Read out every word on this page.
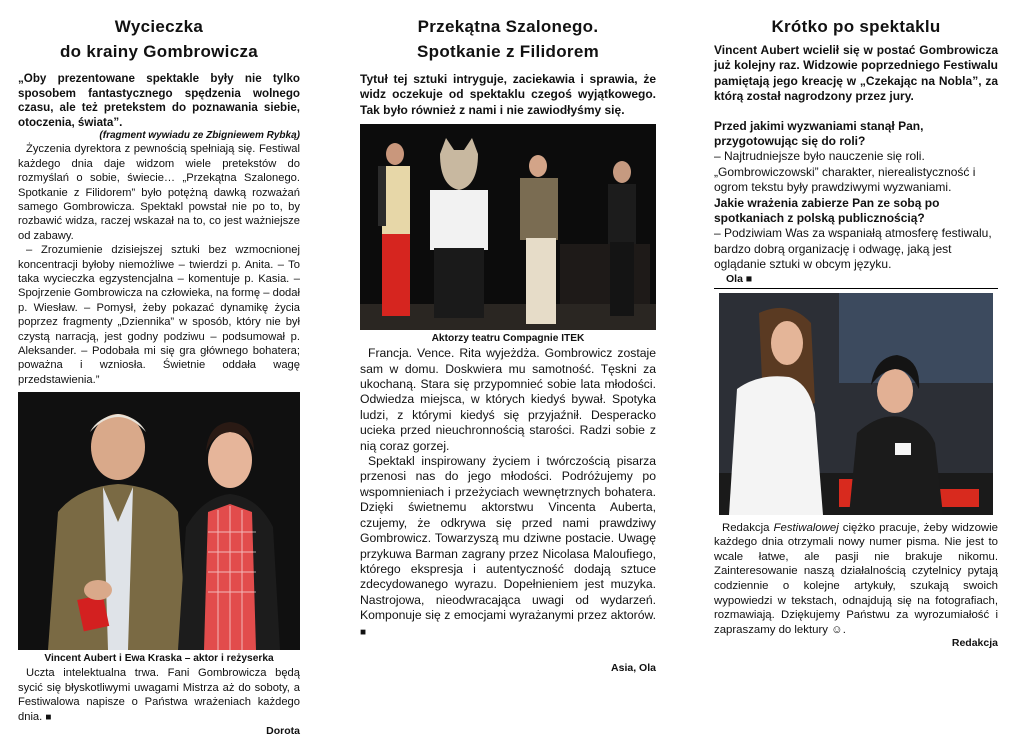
Wycieczka
do krainy Gombrowicza

„Oby prezentowane spektakle były nie tylko sposobem fantastycznego spędzenia wolnego czasu, ale też pretekstem do poznawania siebie, otoczenia, świata”.

(fragment wywiadu ze Zbigniewem Rybką)

Życzenia dyrektora z pewnością spełniają się. Festiwal każdego dnia daje widzom wiele pretekstów do rozmyślań o sobie, świecie… „Przekątna Szalonego. Spotkanie z Filidorem” było potężną dawką rozważań samego Gombrowicza. Spektakl powstał nie po to, by rozbawić widza, raczej wskazał na to, co jest ważniejsze od zabawy.

– Zrozumienie dzisiejszej sztuki bez wzmocnionej koncentracji byłoby niemożliwe – twierdzi p. Anita. – To taka wycieczka egzystencjalna – komentuje p. Kasia. – Spojrzenie Gombrowicza na człowieka, na formę – dodał p. Wiesław. – Pomysł, żeby pokazać dynamikę życia poprzez fragmenty „Dziennika” w sposób, który nie był czystą narracją, jest godny podziwu – podsumował p. Aleksander. – Podobała mi się gra głównego bohatera; poważna i wzniosła. Świetnie oddała wagę przedstawienia.”

Vincent Aubert i Ewa Kraska – aktor i reżyserka

Uczta intelektualna trwa. Fani Gombrowicza będą sycić się błyskotliwymi uwagami Mistrza aż do soboty, a Festiwalowa napisze o Państwa wrażeniach każdego dnia. ■

Dorota

Przekątna Szalonego.
Spotkanie z Filidorem

Tytuł tej sztuki intryguje, zaciekawia i sprawia, że widz oczekuje od spektaklu czegoś wyjątkowego. Tak było również z nami i nie zawiodłyśmy się.

Aktorzy teatru Compagnie ITEK

Francja. Vence. Rita wyjeżdża. Gombrowicz zostaje sam w domu. Doskwiera mu samotność. Tęskni za ukochaną. Stara się przypomnieć sobie lata młodości. Odwiedza miejsca, w których kiedyś bywał. Spotyka ludzi, z którymi kiedyś się przyjaźnił. Desperacko ucieka przed nieuchronnością starości. Radzi sobie z nią coraz gorzej.

Spektakl inspirowany życiem i twórczością pisarza przenosi nas do jego młodości. Podróżujemy po wspomnieniach i przeżyciach wewnętrznych bohatera. Dzięki świetnemu aktorstwu Vincenta Auberta, czujemy, że odkrywa się przed nami prawdziwy Gombrowicz. Towarzyszą mu dziwne postacie. Uwagę przykuwa Barman zagrany przez Nicolasa Maloufiego, którego ekspresja i autentyczność dodają sztuce zdecydowanego wyrazu. Dopełnieniem jest muzyka. Nastrojowa, nieodwracająca uwagi od wydarzeń. Komponuje się z emocjami wyrażanymi przez aktorów. ■

Asia, Ola

Krótko po spektaklu

Vincent Aubert wcielił się w postać Gombrowicza już kolejny raz. Widzowie poprzedniego Festiwalu pamiętają jego kreację w „Czekając na Nobla”, za którą został nagrodzony przez jury.

Przed jakimi wyzwaniami stanął Pan, przygotowując się do roli?

– Najtrudniejsze było nauczenie się roli. „Gombrowiczowski” charakter, nierealistyczność i ogrom tekstu były prawdziwymi wyzwaniami.

Jakie wrażenia zabierze Pan ze sobą po spotkaniach z polską publicznością?

– Podziwiam Was za wspaniałą atmosferę festiwalu, bardzo dobrą organizację i odwagę, jaką jest oglądanie sztuki w obcym języku.

Ola ■

Redakcja Festiwalowej ciężko pracuje, żeby widzowie każdego dnia otrzymali nowy numer pisma. Nie jest to wcale łatwe, ale pasji nie brakuje nikomu. Zainteresowanie naszą działalnością czytelnicy pytają codziennie o kolejne artykuły, szukają swoich wypowiedzi w tekstach, odnajdują się na fotografiach, rozmawiają. Dziękujemy Państwu za wyrozumiałość i zapraszamy do lektury ☺.

Redakcja
